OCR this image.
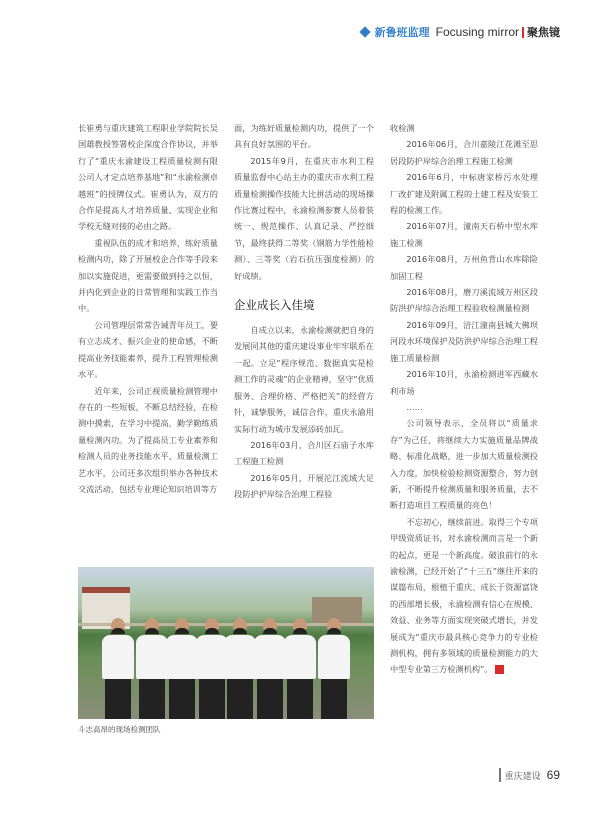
新鲁班监理 Focusing mirror 聚焦镜

长崔勇与重庆建筑工程职业学院院长吴国雄教授签署校企深度合作协议，并举行了“重庆永渝建设工程质量检测有限公司人才定点培养基地”和“永渝检测卓越班”的授牌仪式。崔勇认为，双方的合作是提高人才培养质量、实现企业和学校无缝对接的必由之路。

重视队伍的成才和培养，练好质量检测内功，除了开展校企合作等手段来加以实施促进，更需要做到持之以恒，并内化到企业的日常管理和实践工作当中。

公司管理层常常告诫青年员工，要有立志成才、振兴企业的使命感，不断提高业务技能素养，提升工程管理检测水平。

近年来，公司正视质量检测管理中存在的一些短板，不断总结经验，在检测中摸索，在学习中提高，勤学勤练质量检测内功。为了提高员工专业素养和检测人员的业务技能水平、质量检测工艺水平，公司还多次组织举办各种技术交流活动，包括专业理论知识培训等方

面，为练好质量检测内功，提供了一个具有良好氛围的平台。

2015年9月，在重庆市水利工程质量监督中心站主办的重庆市水利工程质量检测操作技能大比拼活动的现场操作比赛过程中，永渝检测参赛人员着装统一、规范操作、认真记录、严控细节，最终获得二等奖（钢筋力学性能检测）、三等奖（岩石抗压强度检测）的好成绩。

企业成长入佳境

自成立以来，永渝检测就把自身的发展同其他的重庆建设事业牢牢联系在一起。立足“程序规范、数据真实是检测工作的灵魂”的企业精神，坚守“优质服务、合理价格、严格把关”的经营方针，诚挚服务，诚信合作，重庆永渝用实际行动为城市发展添砖加瓦。

2016年03月，合川区石庙子水库工程施工检测

2016年05月，开展沱江流域大足段防护护岸综合治理工程验

收检测

2016年06月，合川嘉陵江花滩至思居段防护岸综合治理工程施工检测

2016年6月，中标唐家桥污水处理厂改扩建及附属工程的土建工程及安装工程的检测工作。

2016年07月，潼南天石桥中型水库施工检测

2016年08月，万州鱼背山水库除险加固工程

2016年08月，磨刀溪流域万州区段防洪护岸综合治理工程验收检测量检测

2016年09月，涪江潼南县城大佛坝河段水环境保护及防洪护岸综合治理工程施工质量检测

2016年10月，永渝检测进军西藏水利市场

……

公司领导表示，全员将以“质量求存”为己任，将继续大力实施质量品牌战略、标准化战略，进一步加大质量检测投入力度，加快检验检测资源整合，努力创新，不断提升检测质量和服务质量，去不断打造项目工程质量的亮色！

不忘初心，继续前进。取得三个专项甲级资质证书，对永渝检测而言是一个新的起点，更是一个新高度。破浪前行的永渝检测，已经开始了“十三五”继往开来的谋篇布局，根植于重庆、成长于资源富饶的西部增长极，永渝检测有信心在规模、效益、业务等方面实现突破式增长，并发展成为“重庆市最具核心竞争力的专业检测机构，拥有多领域的质量检测能力的大中型专业第三方检测机构”。

斗志高昂的现场检测团队
重庆建设 69
